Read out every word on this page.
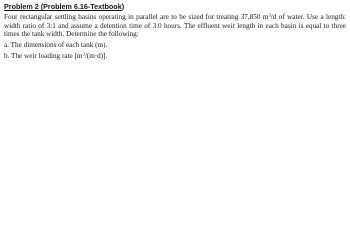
Problem 2 (Problem 6.16-Textbook)

Four rectangular settling basins operating in parallel are to be sized for treating 37,850 $m^3/d$ of water. Use a length: width ratio of 3:1 and assume a detention time of 3.0 hours. The effluent weir length in each basin is equal to three times the tank width. Determine the following:

a. The dimensions of each tank (m).

b. The weir loading rate $[m^3/(m\cdot d)]$.
